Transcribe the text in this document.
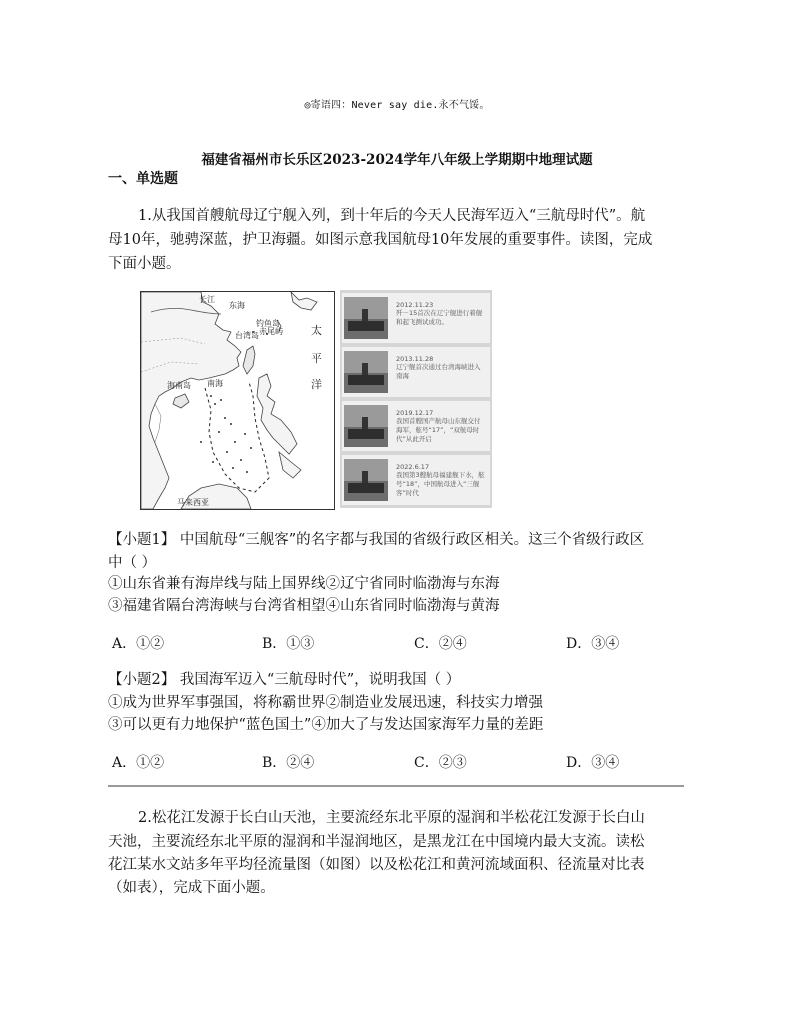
◎寄语四：Never say die.永不气馁。
福建省福州市长乐区2023-2024学年八年级上学期期中地理试题
一、单选题
1.从我国首艘航母辽宁舰入列，到十年后的今天人民海军迈入“三航母时代”。航
母10年，驰骋深蓝，护卫海疆。如图示意我国航母10年发展的重要事件。读图，完成
下面小题。
长江
东海
台湾岛
钓鱼岛
赤尾屿	太
平
洋
海南岛 南海
马来西亚
2012.11.23
歼－15首次在辽宁舰进行着舰和起飞测试成功。
2013.11.28
辽宁舰首次通过台湾海峡进入南海
2019.12.17
我国首艘国产航母山东舰交付海军，舷号“17”，“双航母时代”从此开启
2022.6.17
我国第3艘航母福建舰下水，舷号“18”，中国航母进入“三舰客”时代
【小题1】 中国航母“三舰客”的名字都与我国的省级行政区相关。这三个省级行政区
中（ ）
①山东省兼有海岸线与陆上国界线②辽宁省同时临渤海与东海
③福建省隔台湾海峡与台湾省相望④山东省同时临渤海与黄海
A．①②	B．①③	C．②④	D．③④
【小题2】 我国海军迈入“三航母时代”，说明我国（ ）
①成为世界军事强国，将称霸世界②制造业发展迅速，科技实力增强
③可以更有力地保护“蓝色国土”④加大了与发达国家海军力量的差距
A．①②	B．②④	C．②③	D．③④
2.松花江发源于长白山天池，主要流经东北平原的湿润和半松花江发源于长白山
天池，主要流经东北平原的湿润和半湿润地区，是黑龙江在中国境内最大支流。读松
花江某水文站多年平均径流量图（如图）以及松花江和黄河流域面积、径流量对比表
（如表），完成下面小题。
